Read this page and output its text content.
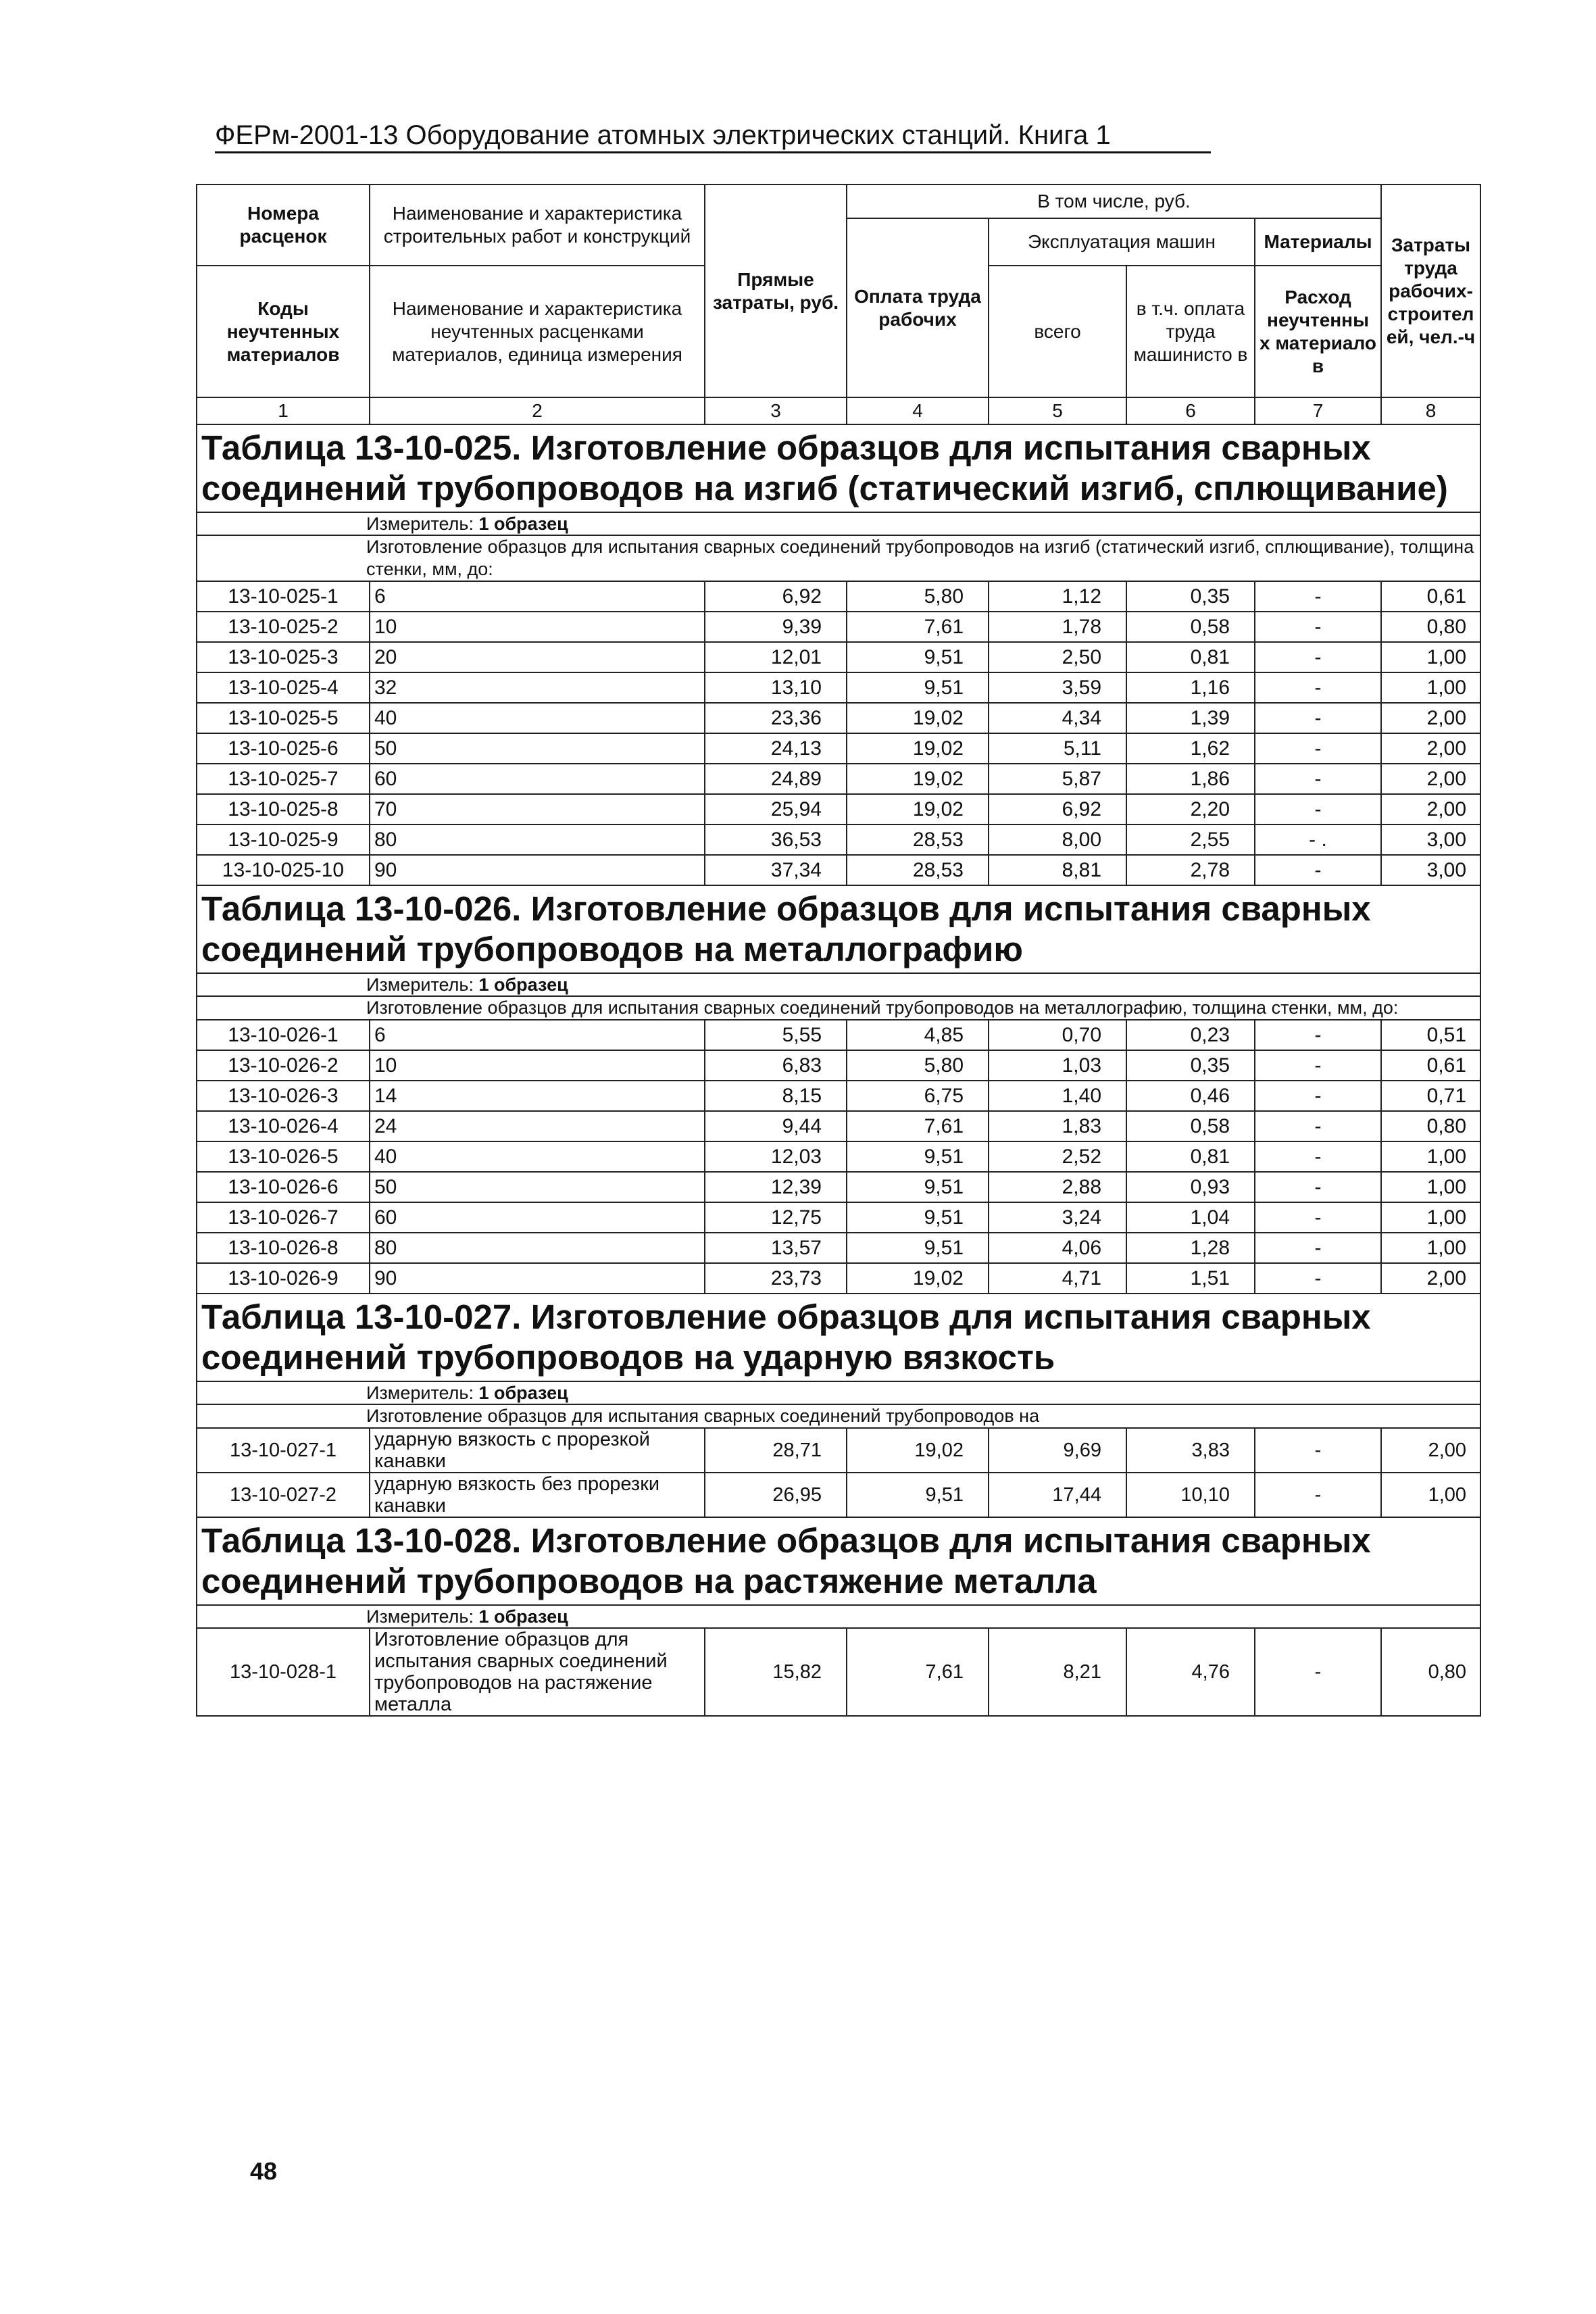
ФЕРм-2001-13 Оборудование атомных электрических станций. Книга 1
Номера расценок	Наименование и характеристика строительных работ и конструкций	Прямые затраты, руб.	В том числе, руб.				Затраты труда рабочих-строител ей, чел.-ч
			Оплата труда рабочих	Эксплуатация машин		Материалы	
Коды неучтенных материалов	Наименование и характеристика неучтенных расценками материалов, единица измерения			всего	в т.ч. оплата труда машинисто в	Расход неучтенны х материало в	

1	2	3	4	5	6	7	8
Таблица 13-10-025. Изготовление образцов для испытания сварных соединений трубопроводов на изгиб (статический изгиб, сплющивание)							
Измеритель: 1 образец							
Изготовление образцов для испытания сварных соединений трубопроводов на изгиб (статический изгиб, сплющивание), толщина стенки, мм, до:							
13-10-025-1	6	6,92	5,80	1,12	0,35	-	0,61
13-10-025-2	10	9,39	7,61	1,78	0,58	-	0,80
13-10-025-3	20	12,01	9,51	2,50	0,81	-	1,00
13-10-025-4	32	13,10	9,51	3,59	1,16	-	1,00
13-10-025-5	40	23,36	19,02	4,34	1,39	-	2,00
13-10-025-6	50	24,13	19,02	5,11	1,62	-	2,00
13-10-025-7	60	24,89	19,02	5,87	1,86	-	2,00
13-10-025-8	70	25,94	19,02	6,92	2,20	-	2,00
13-10-025-9	80	36,53	28,53	8,00	2,55	- .	3,00
13-10-025-10	90	37,34	28,53	8,81	2,78	-	3,00
Таблица 13-10-026. Изготовление образцов для испытания сварных соединений трубопроводов на металлографию							
Измеритель: 1 образец							
Изготовление образцов для испытания сварных соединений трубопроводов на металлографию, толщина стенки, мм, до:							
13-10-026-1	6	5,55	4,85	0,70	0,23	-	0,51
13-10-026-2	10	6,83	5,80	1,03	0,35	-	0,61
13-10-026-3	14	8,15	6,75	1,40	0,46	-	0,71
13-10-026-4	24	9,44	7,61	1,83	0,58	-	0,80
13-10-026-5	40	12,03	9,51	2,52	0,81	-	1,00
13-10-026-6	50	12,39	9,51	2,88	0,93	-	1,00
13-10-026-7	60	12,75	9,51	3,24	1,04	-	1,00
13-10-026-8	80	13,57	9,51	4,06	1,28	-	1,00
13-10-026-9	90	23,73	19,02	4,71	1,51	-	2,00
Таблица 13-10-027. Изготовление образцов для испытания сварных соединений трубопроводов на ударную вязкость							
Измеритель: 1 образец							
Изготовление образцов для испытания сварных соединений трубопроводов на							
13-10-027-1	ударную вязкость с прорезкой канавки	28,71	19,02	9,69	3,83	-	2,00
13-10-027-2	ударную вязкость без прорезки канавки	26,95	9,51	17,44	10,10	-	1,00
Таблица 13-10-028. Изготовление образцов для испытания сварных соединений трубопроводов на растяжение металла							
Измеритель: 1 образец							
13-10-028-1	Изготовление образцов для испытания сварных соединений трубопроводов на растяжение металла	15,82	7,61	8,21	4,76	-	0,80
48
